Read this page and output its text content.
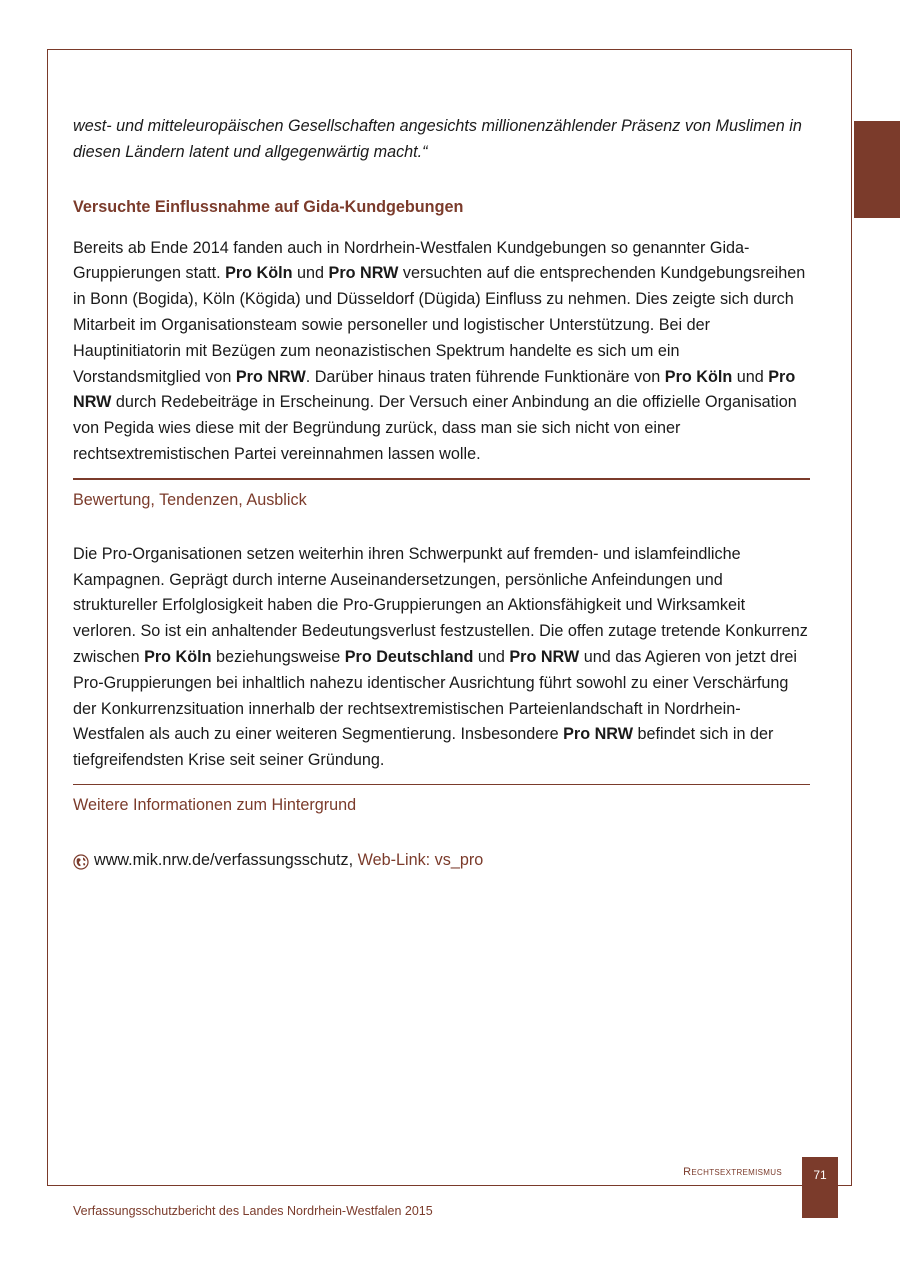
west- und mitteleuropäischen Gesellschaften angesichts millionenzählender Präsenz von Muslimen in diesen Ländern latent und allgegenwärtig macht.“

Versuchte Einflussnahme auf Gida-Kundgebungen

Bereits ab Ende 2014 fanden auch in Nordrhein-Westfalen Kundgebungen so genannter Gida-Gruppierungen statt. Pro Köln und Pro NRW versuchten auf die entsprechenden Kundgebungsreihen in Bonn (Bogida), Köln (Kögida) und Düsseldorf (Dügida) Einfluss zu nehmen. Dies zeigte sich durch Mitarbeit im Organisationsteam sowie personeller und logistischer Unterstützung. Bei der Hauptinitiatorin mit Bezügen zum neonazistischen Spektrum handelte es sich um ein Vorstandsmitglied von Pro NRW. Darüber hinaus traten führende Funktionäre von Pro Köln und Pro NRW durch Redebeiträge in Erscheinung. Der Versuch einer Anbindung an die offizielle Organisation von Pegida wies diese mit der Begründung zurück, dass man sie sich nicht von einer rechtsextremistischen Partei vereinnahmen lassen wolle.

Bewertung, Tendenzen, Ausblick

Die Pro-Organisationen setzen weiterhin ihren Schwerpunkt auf fremden- und islamfeindliche Kampagnen. Geprägt durch interne Auseinandersetzungen, persönliche Anfeindungen und struktureller Erfolglosigkeit haben die Pro-Gruppierungen an Aktionsfähigkeit und Wirksamkeit verloren. So ist ein anhaltender Bedeutungsverlust festzustellen. Die offen zutage tretende Konkurrenz zwischen Pro Köln beziehungsweise Pro Deutschland und Pro NRW und das Agieren von jetzt drei Pro-Gruppierungen bei inhaltlich nahezu identischer Ausrichtung führt sowohl zu einer Verschärfung der Konkurrenzsituation innerhalb der rechtsextremistischen Parteienlandschaft in Nordrhein-Westfalen als auch zu einer weiteren Segmentierung. Insbesondere Pro NRW befindet sich in der tiefgreifendsten Krise seit seiner Gründung.

Weitere Informationen zum Hintergrund
www.mik.nrw.de/verfassungsschutz,
Web-Link: vs_pro
Rechtsextremismus	71
Verfassungsschutzbericht des Landes Nordrhein-Westfalen 2015
